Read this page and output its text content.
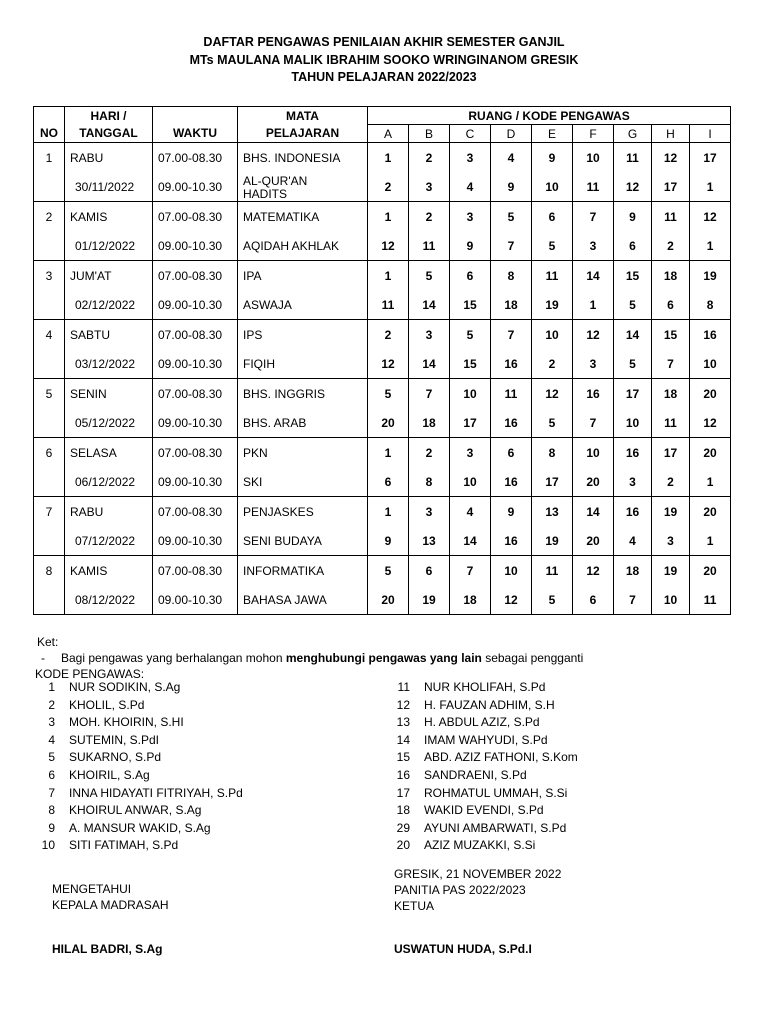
DAFTAR PENGAWAS PENILAIAN AKHIR SEMESTER GANJIL
MTs MAULANA MALIK IBRAHIM SOOKO WRINGINANOM GRESIK
TAHUN PELAJARAN 2022/2023
	HARI /		MATA	RUANG / KODE PENGAWAS								
NO	TANGGAL	WAKTU	PELAJARAN	A	B	C	D	E	F	G	H	I
1	RABU	07.00-08.30	BHS. INDONESIA	1	2	3	4	9	10	11	12	17
	30/11/2022	09.00-10.30	AL-QUR'AN
HADITS	2	3	4	9	10	11	12	17	1
2	KAMIS	07.00-08.30	MATEMATIKA	1	2	3	5	6	7	9	11	12
	01/12/2022	09.00-10.30	AQIDAH AKHLAK	12	11	9	7	5	3	6	2	1
3	JUM'AT	07.00-08.30	IPA	1	5	6	8	11	14	15	18	19
	02/12/2022	09.00-10.30	ASWAJA	11	14	15	18	19	1	5	6	8
4	SABTU	07.00-08.30	IPS	2	3	5	7	10	12	14	15	16
	03/12/2022	09.00-10.30	FIQIH	12	14	15	16	2	3	5	7	10
5	SENIN	07.00-08.30	BHS. INGGRIS	5	7	10	11	12	16	17	18	20
	05/12/2022	09.00-10.30	BHS. ARAB	20	18	17	16	5	7	10	11	12
6	SELASA	07.00-08.30	PKN	1	2	3	6	8	10	16	17	20
	06/12/2022	09.00-10.30	SKI	6	8	10	16	17	20	3	2	1
7	RABU	07.00-08.30	PENJASKES	1	3	4	9	13	14	16	19	20
	07/12/2022	09.00-10.30	SENI BUDAYA	9	13	14	16	19	20	4	3	1
8	KAMIS	07.00-08.30	INFORMATIKA	5	6	7	10	11	12	18	19	20
	08/12/2022	09.00-10.30	BAHASA JAWA	20	19	18	12	5	6	7	10	11
Ket:
- Bagi pengawas yang berhalangan mohon menghubungi pengawas yang lain sebagai pengganti
KODE PENGAWAS:
1	NUR SODIKIN, S.Ag
2	KHOLIL, S.Pd
3	MOH. KHOIRIN, S.HI
4	SUTEMIN, S.PdI
5	SUKARNO, S.Pd
6	KHOIRIL, S.Ag
7	INNA HIDAYATI FITRIYAH, S.Pd
8	KHOIRUL ANWAR, S.Ag
9	A. MANSUR WAKID, S.Ag
10	SITI FATIMAH, S.Pd
11	NUR KHOLIFAH, S.Pd
12	H. FAUZAN ADHIM, S.H
13	H. ABDUL AZIZ, S.Pd
14	IMAM WAHYUDI, S.Pd
15	ABD. AZIZ FATHONI, S.Kom
16	SANDRAENI, S.Pd
17	ROHMATUL UMMAH, S.Si
18	WAKID EVENDI, S.Pd
29	AYUNI AMBARWATI, S.Pd
20	AZIZ MUZAKKI, S.Si
MENGETAHUI
KEPALA MADRASAH
HILAL BADRI, S.Ag
GRESIK, 21 NOVEMBER 2022
PANITIA PAS 2022/2023
KETUA
USWATUN HUDA, S.Pd.I
